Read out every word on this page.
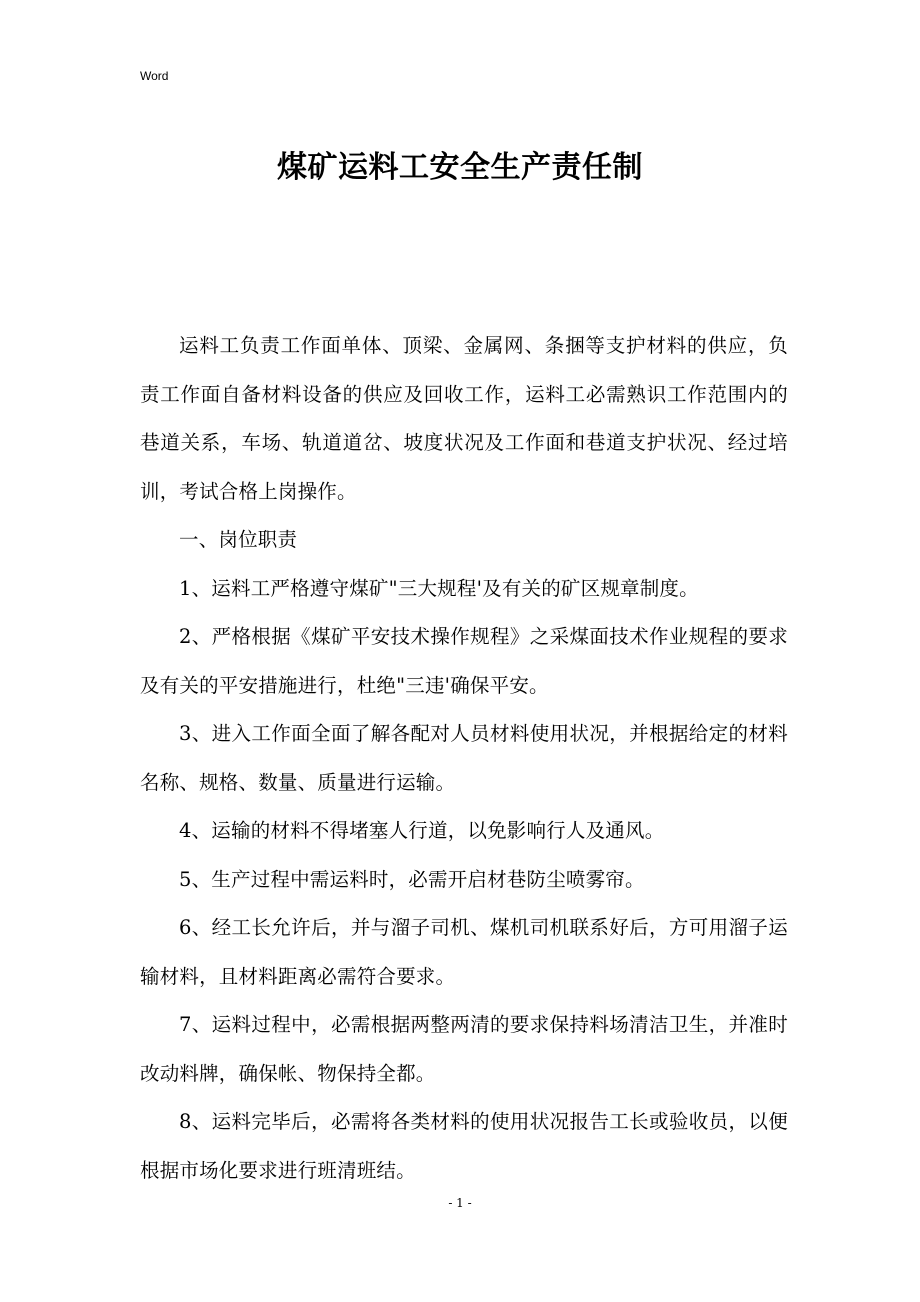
Word
煤矿运料工安全生产责任制

运料工负责工作面单体、顶梁、金属网、条捆等支护材料的供应，负责工作面自备材料设备的供应及回收工作，运料工必需熟识工作范围内的巷道关系，车场、轨道道岔、坡度状况及工作面和巷道支护状况、经过培训，考试合格上岗操作。

一、岗位职责

1、运料工严格遵守煤矿"三大规程'及有关的矿区规章制度。

2、严格根据《煤矿平安技术操作规程》之采煤面技术作业规程的要求及有关的平安措施进行，杜绝"三违'确保平安。

3、进入工作面全面了解各配对人员材料使用状况，并根据给定的材料名称、规格、数量、质量进行运输。

4、运输的材料不得堵塞人行道，以免影响行人及通风。

5、生产过程中需运料时，必需开启材巷防尘喷雾帘。

6、经工长允许后，并与溜子司机、煤机司机联系好后，方可用溜子运输材料，且材料距离必需符合要求。

7、运料过程中，必需根据两整两清的要求保持料场清洁卫生，并准时改动料牌，确保帐、物保持全都。

8、运料完毕后，必需将各类材料的使用状况报告工长或验收员，以便根据市场化要求进行班清班结。

- 1 -
